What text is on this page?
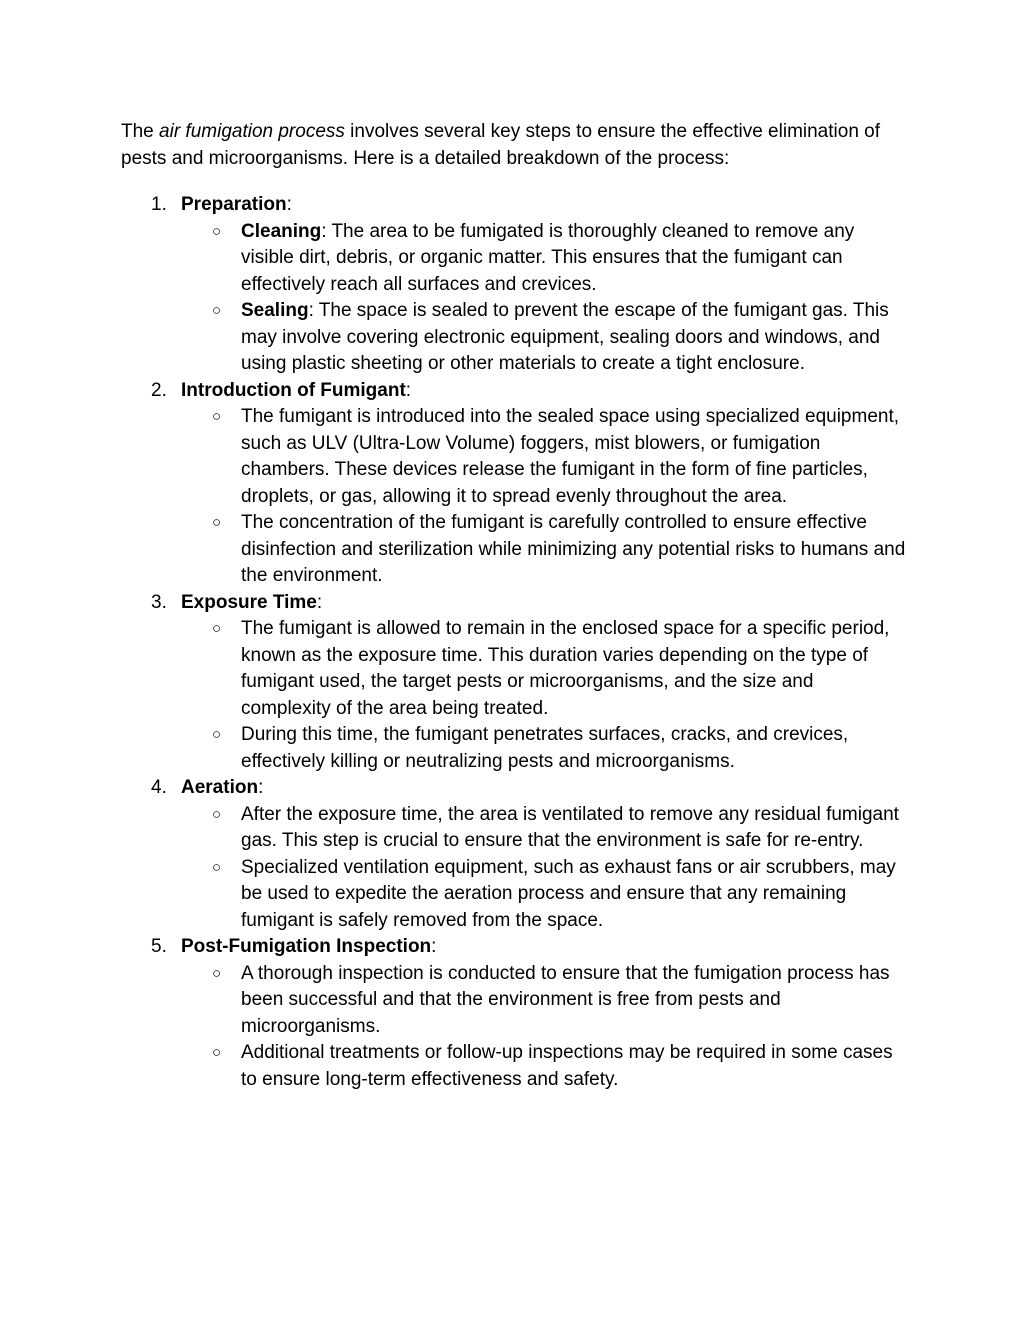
The air fumigation process involves several key steps to ensure the effective elimination of pests and microorganisms. Here is a detailed breakdown of the process:

1. Preparation:
○ Cleaning: The area to be fumigated is thoroughly cleaned to remove any visible dirt, debris, or organic matter. This ensures that the fumigant can effectively reach all surfaces and crevices.
○ Sealing: The space is sealed to prevent the escape of the fumigant gas. This may involve covering electronic equipment, sealing doors and windows, and using plastic sheeting or other materials to create a tight enclosure.
2. Introduction of Fumigant:
○ The fumigant is introduced into the sealed space using specialized equipment, such as ULV (Ultra-Low Volume) foggers, mist blowers, or fumigation chambers. These devices release the fumigant in the form of fine particles, droplets, or gas, allowing it to spread evenly throughout the area.
○ The concentration of the fumigant is carefully controlled to ensure effective disinfection and sterilization while minimizing any potential risks to humans and the environment.
3. Exposure Time:
○ The fumigant is allowed to remain in the enclosed space for a specific period, known as the exposure time. This duration varies depending on the type of fumigant used, the target pests or microorganisms, and the size and complexity of the area being treated.
○ During this time, the fumigant penetrates surfaces, cracks, and crevices, effectively killing or neutralizing pests and microorganisms.
4. Aeration:
○ After the exposure time, the area is ventilated to remove any residual fumigant gas. This step is crucial to ensure that the environment is safe for re-entry.
○ Specialized ventilation equipment, such as exhaust fans or air scrubbers, may be used to expedite the aeration process and ensure that any remaining fumigant is safely removed from the space.
5. Post-Fumigation Inspection:
○ A thorough inspection is conducted to ensure that the fumigation process has been successful and that the environment is free from pests and microorganisms.
○ Additional treatments or follow-up inspections may be required in some cases to ensure long-term effectiveness and safety.
